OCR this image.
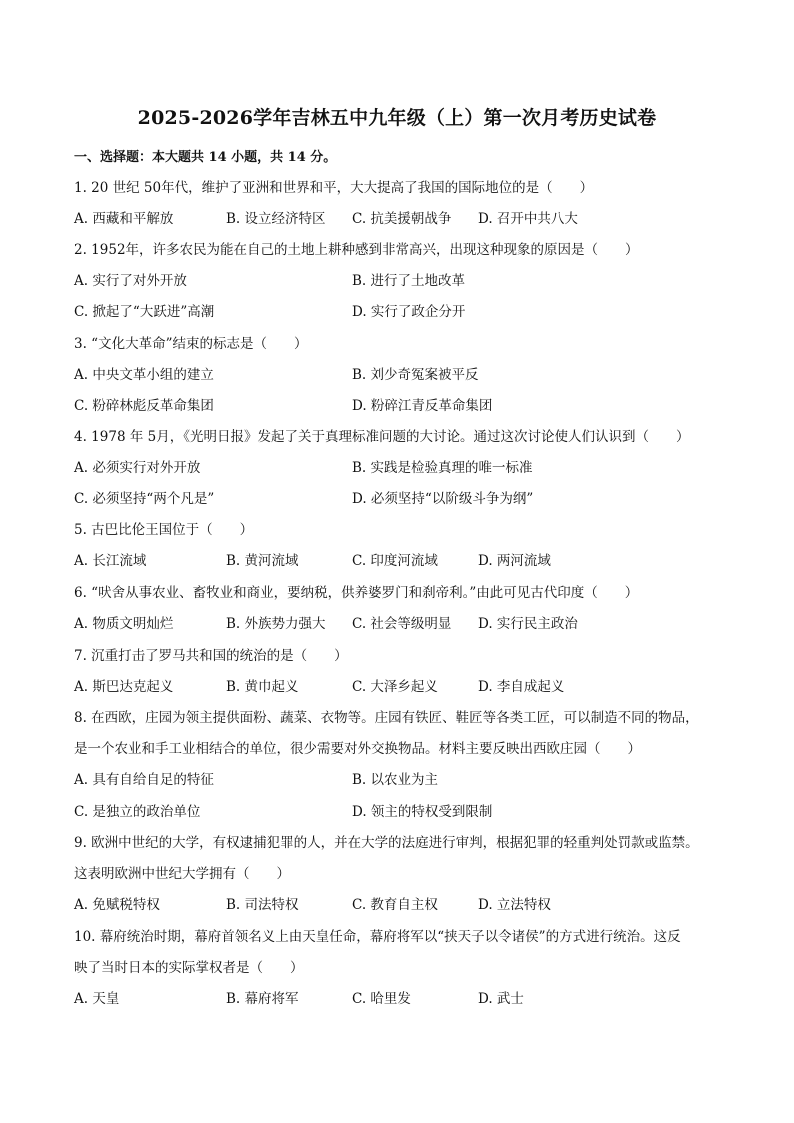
2025-2026学年吉林五中九年级（上）第一次月考历史试卷
一、选择题：本大题共 14 小题，共 14 分。
1. 20 世纪 50年代，维护了亚洲和世界和平，大大提高了我国的国际地位的是（　　）
A. 西藏和平解放	B. 设立经济特区 C. 抗美援朝战争 D. 召开中共八大
2. 1952年，许多农民为能在自己的土地上耕种感到非常高兴，出现这种现象的原因是（　　）
A. 实行了对外开放	B. 进行了土地改革
C. 掀起了“大跃进”高潮	D. 实行了政企分开
3. “文化大革命”结束的标志是（　　）
A. 中央文革小组的建立	B. 刘少奇冤案被平反
C. 粉碎林彪反革命集团	D. 粉碎江青反革命集团
4. 1978 年 5月，《光明日报》发起了关于真理标准问题的大讨论。通过这次讨论使人们认识到（　　）
A. 必须实行对外开放	B. 实践是检验真理的唯一标准
C. 必须坚持“两个凡是”	D. 必须坚持“以阶级斗争为纲”
5. 古巴比伦王国位于（　　）
A. 长江流域	B. 黄河流域	C. 印度河流域	D. 两河流域
6. “吠舍从事农业、畜牧业和商业，要纳税，供养婆罗门和刹帝利。”由此可见古代印度（　　）
A. 物质文明灿烂	B. 外族势力强大 C. 社会等级明显 D. 实行民主政治
7. 沉重打击了罗马共和国的统治的是（　　）
A. 斯巴达克起义	B. 黄巾起义	C. 大泽乡起义	D. 李自成起义
8. 在西欧，庄园为领主提供面粉、蔬菜、衣物等。庄园有铁匠、鞋匠等各类工匠，可以制造不同的物品，
是一个农业和手工业相结合的单位，很少需要对外交换物品。材料主要反映出西欧庄园（　　）
A. 具有自给自足的特征	B. 以农业为主
C. 是独立的政治单位	D. 领主的特权受到限制
9. 欧洲中世纪的大学，有权逮捕犯罪的人，并在大学的法庭进行审判，根据犯罪的轻重判处罚款或监禁。
这表明欧洲中世纪大学拥有（　　）
A. 免赋税特权	B. 司法特权	C. 教育自主权	D. 立法特权
10. 幕府统治时期，幕府首领名义上由天皇任命，幕府将军以“挟天子以令诸侯”的方式进行统治。这反
映了当时日本的实际掌权者是（　　）
A. 天皇	B. 幕府将军	C. 哈里发	D. 武士
